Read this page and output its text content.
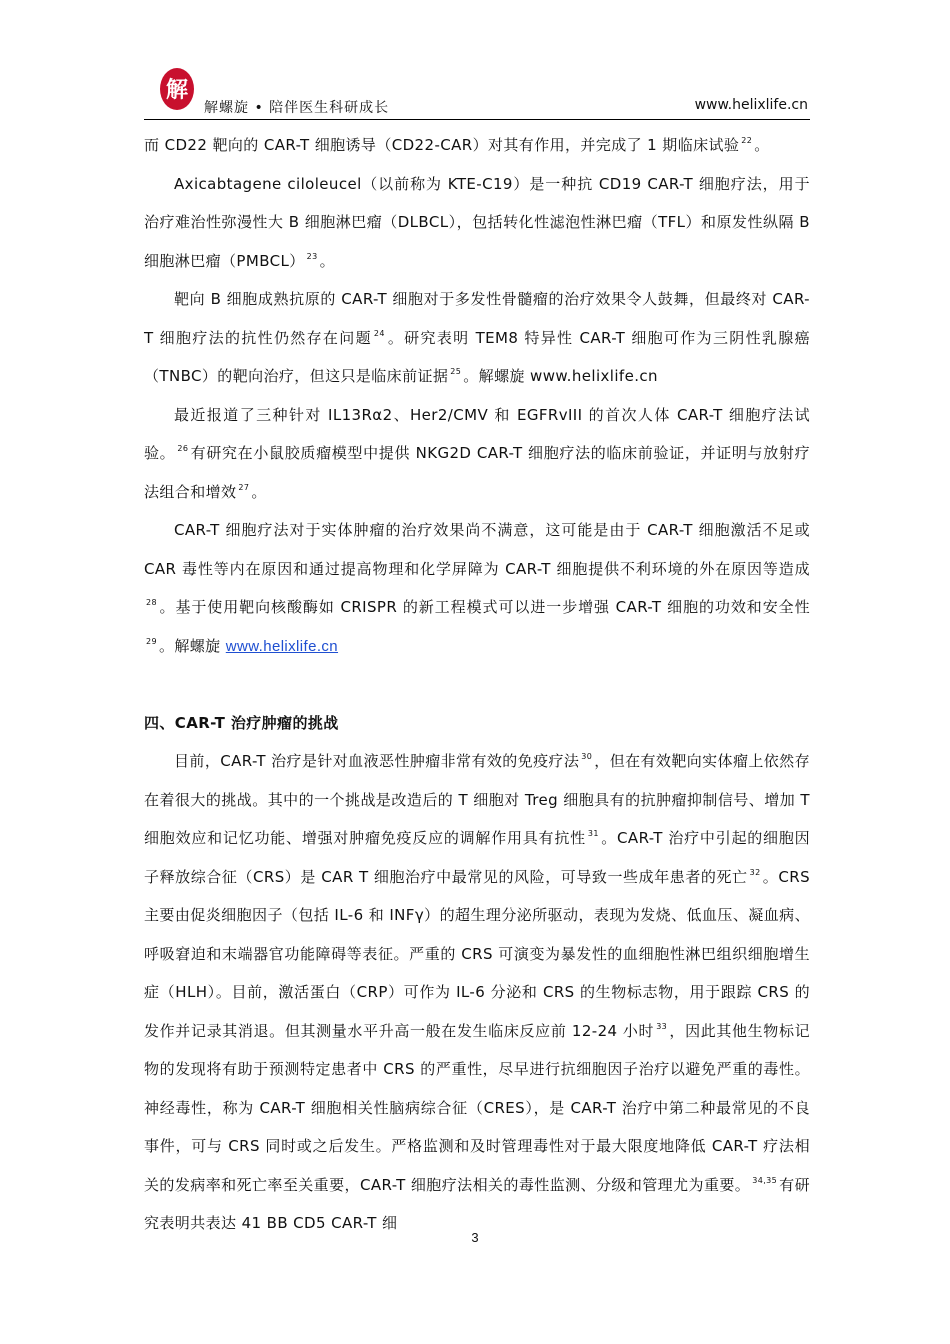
解
解螺旋 • 陪伴医生科研成长	www.helixlife.cn

而 CD22 靶向的 CAR-T 细胞诱导（CD22-CAR）对其有作用，并完成了 1 期临床试验 $^{22}$ 。

Axicabtagene ciloleucel（以前称为 KTE-C19）是一种抗 CD19 CAR-T 细胞疗法，用于治疗难治性弥漫性大 B 细胞淋巴瘤（DLBCL），包括转化性滤泡性淋巴瘤（TFL）和原发性纵隔 B 细胞淋巴瘤（PMBCL） $^{23}$ 。

靶向 B 细胞成熟抗原的 CAR-T 细胞对于多发性骨髓瘤的治疗效果令人鼓舞，但最终对 CAR-T 细胞疗法的抗性仍然存在问题 $^{24}$ 。研究表明 TEM8 特异性 CAR-T 细胞可作为三阴性乳腺癌（TNBC）的靶向治疗，但这只是临床前证据 $^{25}$ 。解螺旋 www.helixlife.cn

最近报道了三种针对 IL13Rα2、Her2/CMV 和 EGFRvIII 的首次人体 CAR-T 细胞疗法试验。 $^{26}$ 有研究在小鼠胶质瘤模型中提供 NKG2D CAR-T 细胞疗法的临床前验证，并证明与放射疗法组合和增效 $^{27}$ 。

CAR-T 细胞疗法对于实体肿瘤的治疗效果尚不满意，这可能是由于 CAR-T 细胞激活不足或 CAR 毒性等内在原因和通过提高物理和化学屏障为 CAR-T 细胞提供不利环境的外在原因等造成$^{28}$ 。基于使用靶向核酸酶如 CRISPR 的新工程模式可以进一步增强 CAR-T 细胞的功效和安全性$^{29}$ 。解螺旋 www.helixlife.cn

四、CAR-T 治疗肿瘤的挑战

目前，CAR-T 治疗是针对血液恶性肿瘤非常有效的免疫疗法 $^{30}$ ，但在有效靶向实体瘤上依然存在着很大的挑战。其中的一个挑战是改造后的 T 细胞对 Treg 细胞具有的抗肿瘤抑制信号、增加 T 细胞效应和记忆功能、增强对肿瘤免疫反应的调解作用具有抗性 $^{31}$ 。CAR-T 治疗中引起的细胞因子释放综合征（CRS）是 CAR T 细胞治疗中最常见的风险，可导致一些成年患者的死亡 $^{32}$ 。CRS 主要由促炎细胞因子（包括 IL-6 和 INFγ）的超生理分泌所驱动，表现为发烧、低血压、凝血病、呼吸窘迫和末端器官功能障碍等表征。严重的 CRS 可演变为暴发性的血细胞性淋巴组织细胞增生症（HLH）。目前，激活蛋白（CRP）可作为 IL-6 分泌和 CRS 的生物标志物，用于跟踪 CRS 的发作并记录其消退。但其测量水平升高一般在发生临床反应前 12-24 小时 $^{33}$ ，因此其他生物标记物的发现将有助于预测特定患者中 CRS 的严重性，尽早进行抗细胞因子治疗以避免严重的毒性。神经毒性，称为 CAR-T 细胞相关性脑病综合征（CRES），是 CAR-T 治疗中第二种最常见的不良事件，可与 CRS 同时或之后发生。严格监测和及时管理毒性对于最大限度地降低 CAR-T 疗法相关的发病率和死亡率至关重要，CAR-T 细胞疗法相关的毒性监测、分级和管理尤为重要。 $^{34,35}$ 有研究表明共表达 41 BB CD5 CAR-T 细

3
